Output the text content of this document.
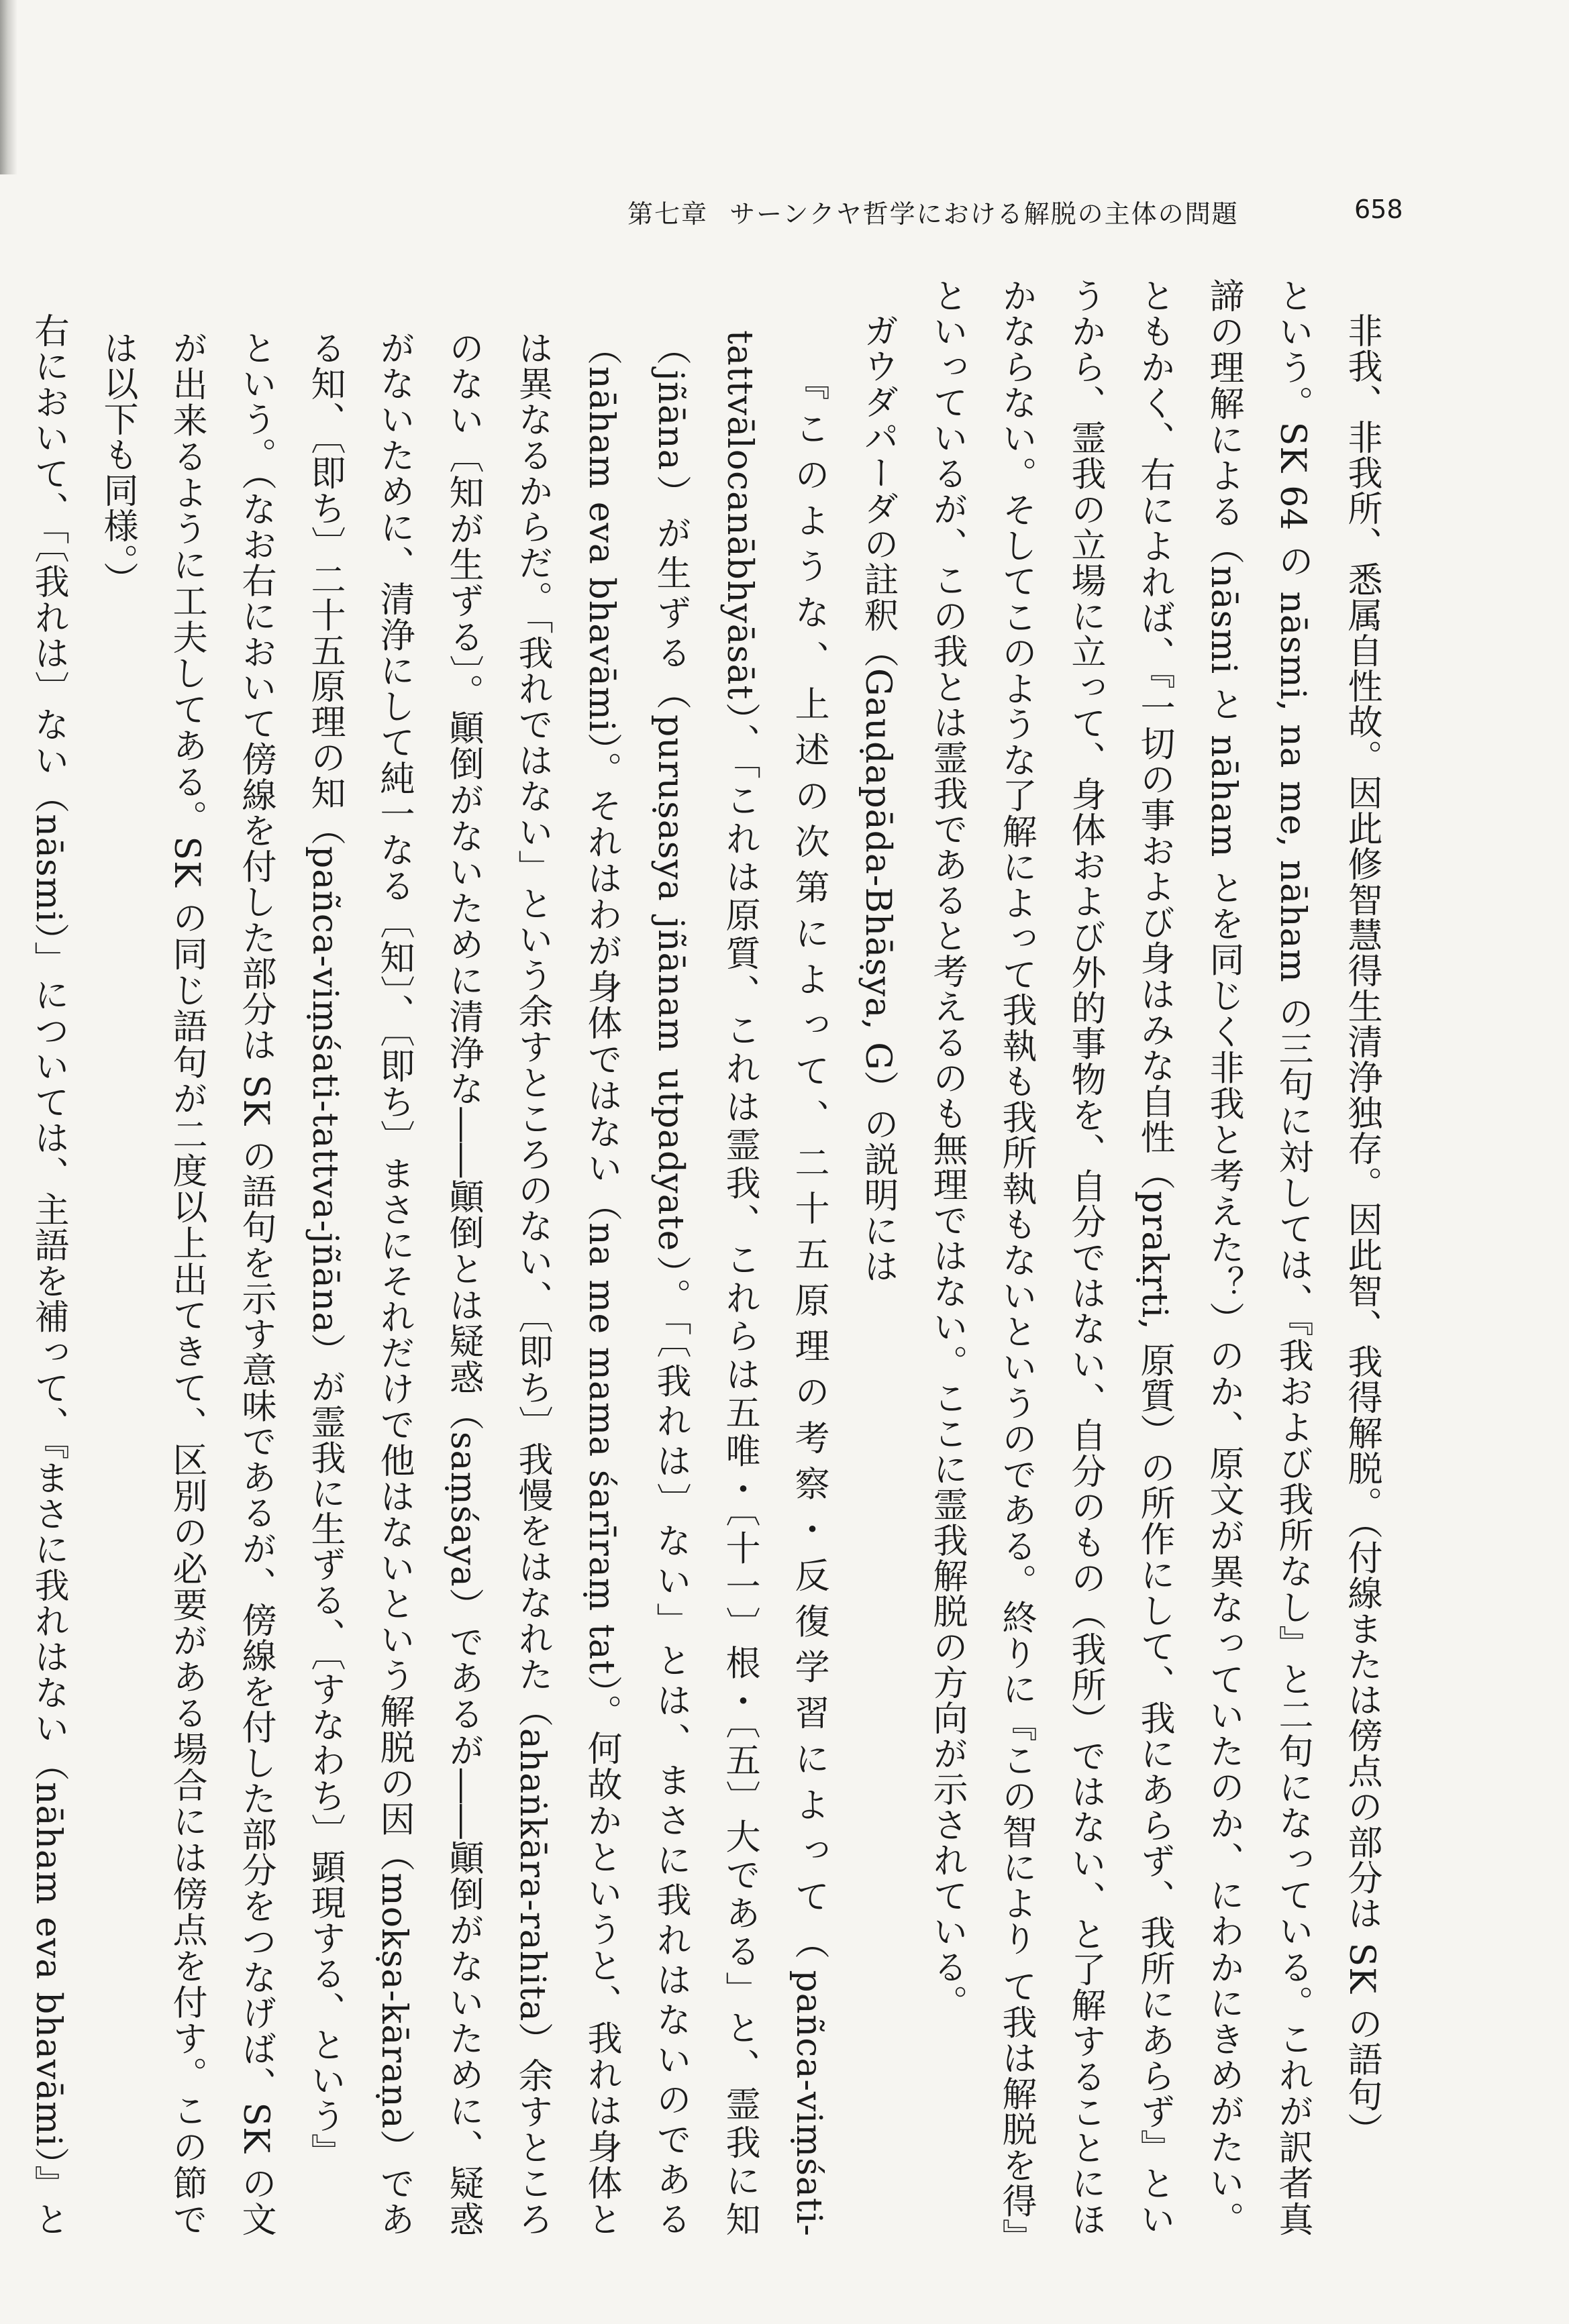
第七章 サーンクヤ哲学における解脱の主体の問題	658

非我、非我所、悉属自性故。因此修智慧得生清浄独存。因此智、我得解脱。（付線または傍点の部分は SK の語句）

という。SK 64 の nāsmi, na me, nāham の三句に対しては、『我および我所なし』と二句になっている。これが訳者真諦の理解による（nāsmi と nāham とを同じく非我と考えた？）のか、原文が異なっていたのか、にわかにきめがたい。ともかく、右によれば、『一切の事および身はみな自性（prakṛti, 原質）の所作にして、我にあらず、我所にあらず』というから、霊我の立場に立って、身体および外的事物を、自分ではない、自分のもの（我所）ではない、と了解することにほかならない。そしてこのような了解によって我執も我所執もないというのである。終りに『この智により て我は解脱を得』といっているが、この我とは霊我であると考えるのも無理ではない。ここに霊我解脱の方向が示されている。

ガウダパーダの註釈（Gauḍapāda-Bhāṣya, G）の説明には

『このような、上述の次第によって、二十五原理の考察・反復学習によって（pañca-viṃśati-tattvālocanābhyāsāt）、「これは原質、これは霊我、これらは五唯・〔十一〕根・〔五〕大である」と、霊我に知（jñāna）が生ずる（puruṣasya jñānam utpadyate）。「〔我れは〕ない」とは、まさに我れはないのである（nāham eva bhavāmi）。それはわが身体ではない（na me mama śarīraṃ tat）。何故かというと、我れは身体とは異なるからだ。「我れではない」という余すところのない、〔即ち〕我慢をはなれた（ahaṅkāra-rahita）余すところのない〔知が生ずる〕。顚倒がないために清浄な――顚倒とは疑惑（saṃśaya）であるが――顚倒がないために、疑惑がないために、清浄にして純一なる〔知〕、〔即ち〕まさにそれだけで他はないという解脱の因（mokṣa-kāraṇa）である知、〔即ち〕二十五原理の知（pañca-viṃśati-tattva-jñāna）が霊我に生ずる、〔すなわち〕顕現する、という』

という。（なお右において傍線を付した部分は SK の語句を示す意味であるが、傍線を付した部分をつなげば、SK の文が出来るように工夫してある。SK の同じ語句が二度以上出てきて、区別の必要がある場合には傍点を付す。この節では以下も同様。）

右において、「〔我れは〕ない（nāsmi）」については、主語を補って、『まさに我れはない（nāham eva bhavāmi）』と
